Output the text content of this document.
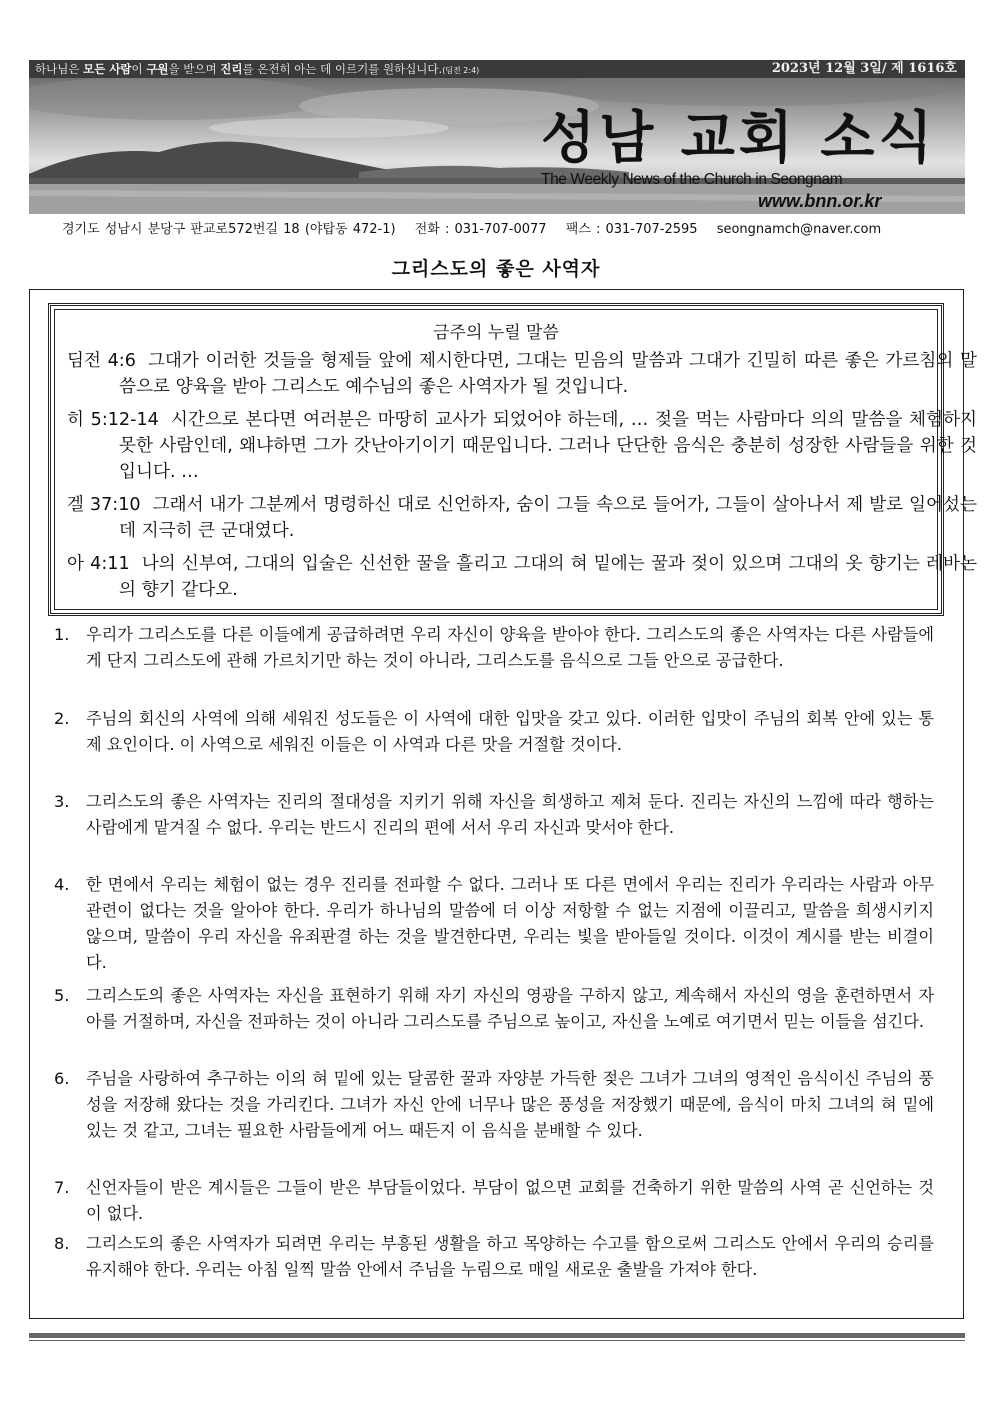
하나님은 모든 사람이 구원을 받으며 진리를 온전히 아는 데 이르기를 원하십니다.(딤전 2:4)	2023년 12월 3일/ 제 1616호
성남 교회 소식
The Weekly News of the Church in Seongnam
www.bnn.or.kr
경기도 성남시 분당구 판교로572번길 18 (야탑동 472-1) 전화 : 031-707-0077 팩스 : 031-707-2595 seongnamch@naver.com
그리스도의 좋은 사역자
금주의 누릴 말씀
딤전 4:6 그대가 이러한 것들을 형제들 앞에 제시한다면, 그대는 믿음의 말씀과 그대가 긴밀히 따른 좋은 가르침의 말씀으로 양육을 받아 그리스도 예수님의 좋은 사역자가 될 것입니다.
히 5:12-14 시간으로 본다면 여러분은 마땅히 교사가 되었어야 하는데, … 젖을 먹는 사람마다 의의 말씀을 체험하지 못한 사람인데, 왜냐하면 그가 갓난아기이기 때문입니다. 그러나 단단한 음식은 충분히 성장한 사람들을 위한 것입니다. …
겔 37:10 그래서 내가 그분께서 명령하신 대로 신언하자, 숨이 그들 속으로 들어가, 그들이 살아나서 제 발로 일어섰는데 지극히 큰 군대였다.
아 4:11 나의 신부여, 그대의 입술은 신선한 꿀을 흘리고 그대의 혀 밑에는 꿀과 젖이 있으며 그대의 옷 향기는 레바논의 향기 같다오.
1. 우리가 그리스도를 다른 이들에게 공급하려면 우리 자신이 양육을 받아야 한다. 그리스도의 좋은 사역자는 다른 사람들에게 단지 그리스도에 관해 가르치기만 하는 것이 아니라, 그리스도를 음식으로 그들 안으로 공급한다.
2. 주님의 회신의 사역에 의해 세워진 성도들은 이 사역에 대한 입맛을 갖고 있다. 이러한 입맛이 주님의 회복 안에 있는 통제 요인이다. 이 사역으로 세워진 이들은 이 사역과 다른 맛을 거절할 것이다.
3. 그리스도의 좋은 사역자는 진리의 절대성을 지키기 위해 자신을 희생하고 제쳐 둔다. 진리는 자신의 느낌에 따라 행하는 사람에게 맡겨질 수 없다. 우리는 반드시 진리의 편에 서서 우리 자신과 맞서야 한다.
4. 한 면에서 우리는 체험이 없는 경우 진리를 전파할 수 없다. 그러나 또 다른 면에서 우리는 진리가 우리라는 사람과 아무 관련이 없다는 것을 알아야 한다. 우리가 하나님의 말씀에 더 이상 저항할 수 없는 지점에 이끌리고, 말씀을 희생시키지 않으며, 말씀이 우리 자신을 유죄판결 하는 것을 발견한다면, 우리는 빛을 받아들일 것이다. 이것이 계시를 받는 비결이다.
5. 그리스도의 좋은 사역자는 자신을 표현하기 위해 자기 자신의 영광을 구하지 않고, 계속해서 자신의 영을 훈련하면서 자아를 거절하며, 자신을 전파하는 것이 아니라 그리스도를 주님으로 높이고, 자신을 노예로 여기면서 믿는 이들을 섬긴다.
6. 주님을 사랑하여 추구하는 이의 혀 밑에 있는 달콤한 꿀과 자양분 가득한 젖은 그녀가 그녀의 영적인 음식이신 주님의 풍성을 저장해 왔다는 것을 가리킨다. 그녀가 자신 안에 너무나 많은 풍성을 저장했기 때문에, 음식이 마치 그녀의 혀 밑에 있는 것 같고, 그녀는 필요한 사람들에게 어느 때든지 이 음식을 분배할 수 있다.
7. 신언자들이 받은 계시들은 그들이 받은 부담들이었다. 부담이 없으면 교회를 건축하기 위한 말씀의 사역 곧 신언하는 것이 없다.
8. 그리스도의 좋은 사역자가 되려면 우리는 부흥된 생활을 하고 목양하는 수고를 함으로써 그리스도 안에서 우리의 승리를 유지해야 한다. 우리는 아침 일찍 말씀 안에서 주님을 누림으로 매일 새로운 출발을 가져야 한다.
